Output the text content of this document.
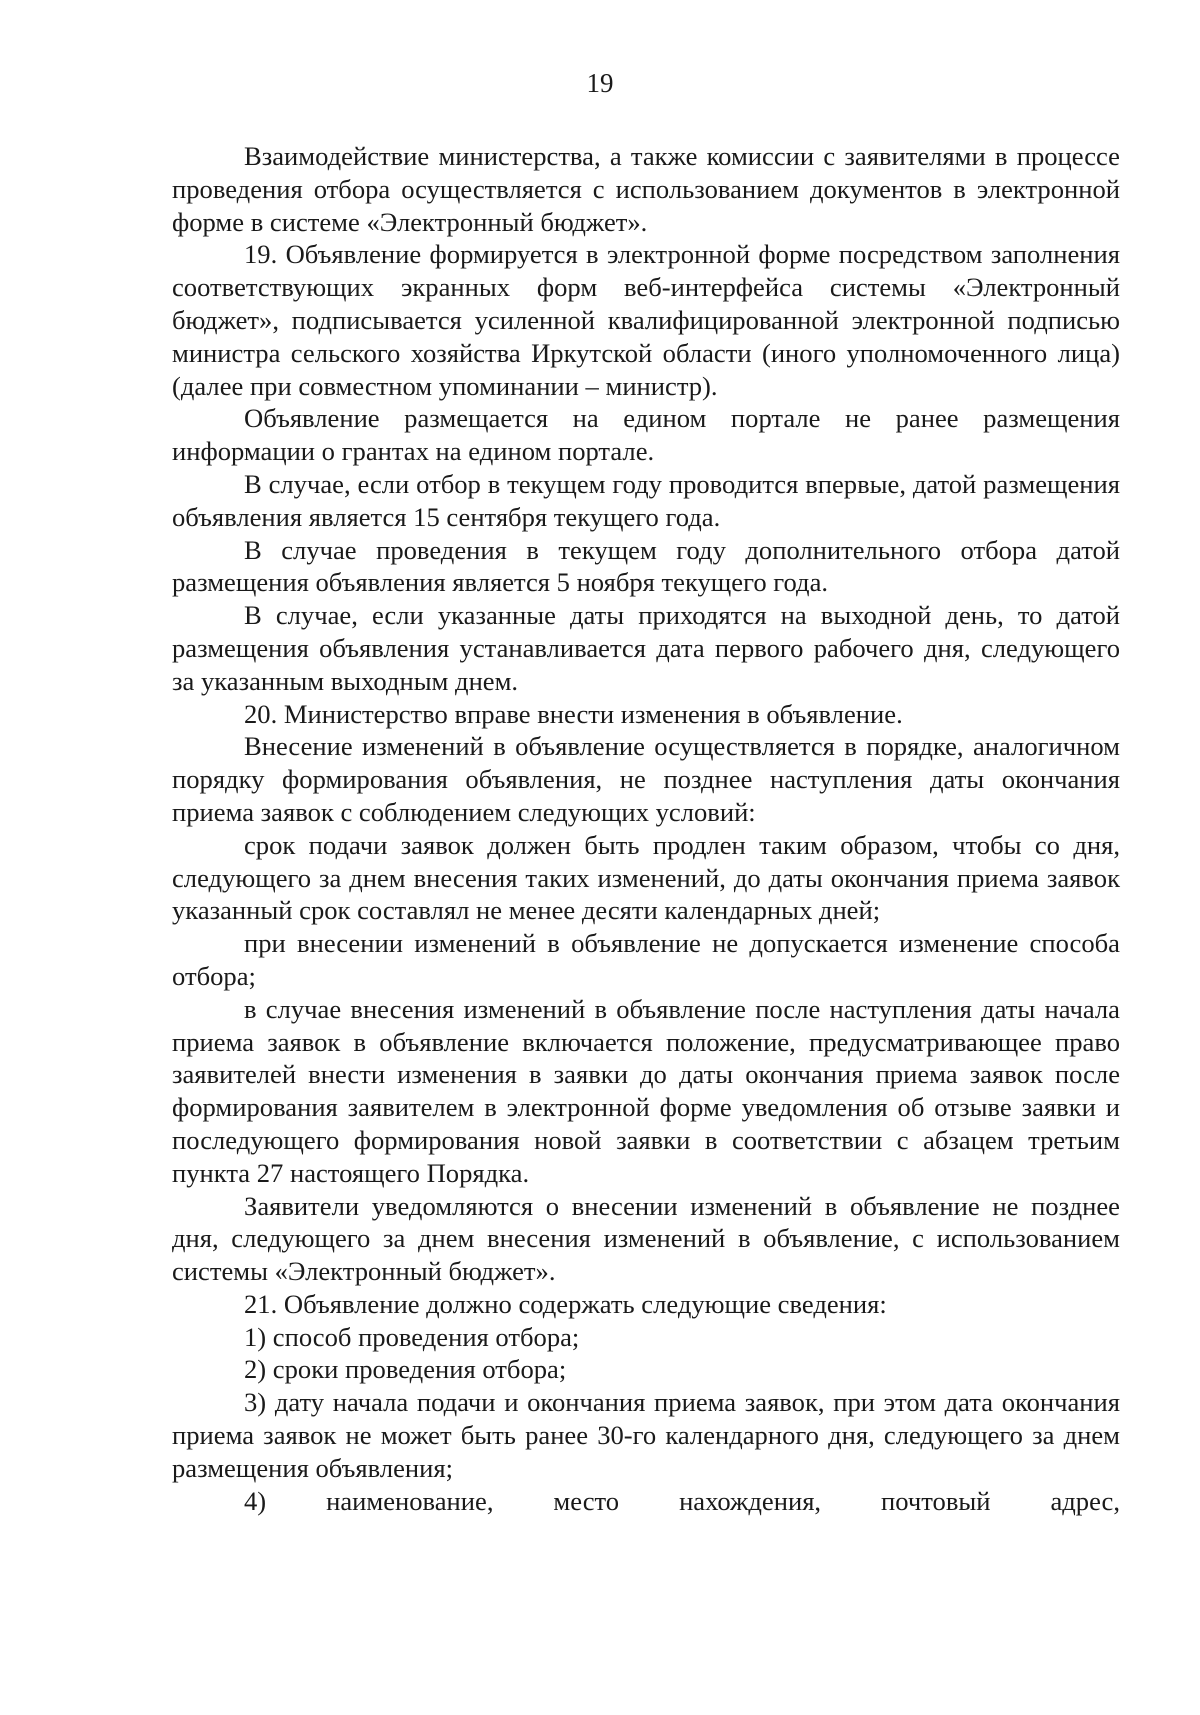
19

Взаимодействие министерства, а также комиссии с заявителями в процессе проведения отбора осуществляется с использованием документов в электронной форме в системе «Электронный бюджет».

19. Объявление формируется в электронной форме посредством заполнения соответствующих экранных форм веб-интерфейса системы «Электронный бюджет», подписывается усиленной квалифицированной электронной подписью министра сельского хозяйства Иркутской области (иного уполномоченного лица) (далее при совместном упоминании – министр).

Объявление размещается на едином портале не ранее размещения информации о грантах на едином портале.

В случае, если отбор в текущем году проводится впервые, датой размещения объявления является 15 сентября текущего года.

В случае проведения в текущем году дополнительного отбора датой размещения объявления является 5 ноября текущего года.

В случае, если указанные даты приходятся на выходной день, то датой размещения объявления устанавливается дата первого рабочего дня, следующего за указанным выходным днем.

20. Министерство вправе внести изменения в объявление.

Внесение изменений в объявление осуществляется в порядке, аналогичном порядку формирования объявления, не позднее наступления даты окончания приема заявок с соблюдением следующих условий:

срок подачи заявок должен быть продлен таким образом, чтобы со дня, следующего за днем внесения таких изменений, до даты окончания приема заявок указанный срок составлял не менее десяти календарных дней;

при внесении изменений в объявление не допускается изменение способа отбора;

в случае внесения изменений в объявление после наступления даты начала приема заявок в объявление включается положение, предусматривающее право заявителей внести изменения в заявки до даты окончания приема заявок после формирования заявителем в электронной форме уведомления об отзыве заявки и последующего формирования новой заявки в соответствии с абзацем третьим пункта 27 настоящего Порядка.

Заявители уведомляются о внесении изменений в объявление не позднее дня, следующего за днем внесения изменений в объявление, с использованием системы «Электронный бюджет».

21. Объявление должно содержать следующие сведения:

1) способ проведения отбора;

2) сроки проведения отбора;

3) дату начала подачи и окончания приема заявок, при этом дата окончания приема заявок не может быть ранее 30-го календарного дня, следующего за днем размещения объявления;

4) наименование, место нахождения, почтовый адрес,
